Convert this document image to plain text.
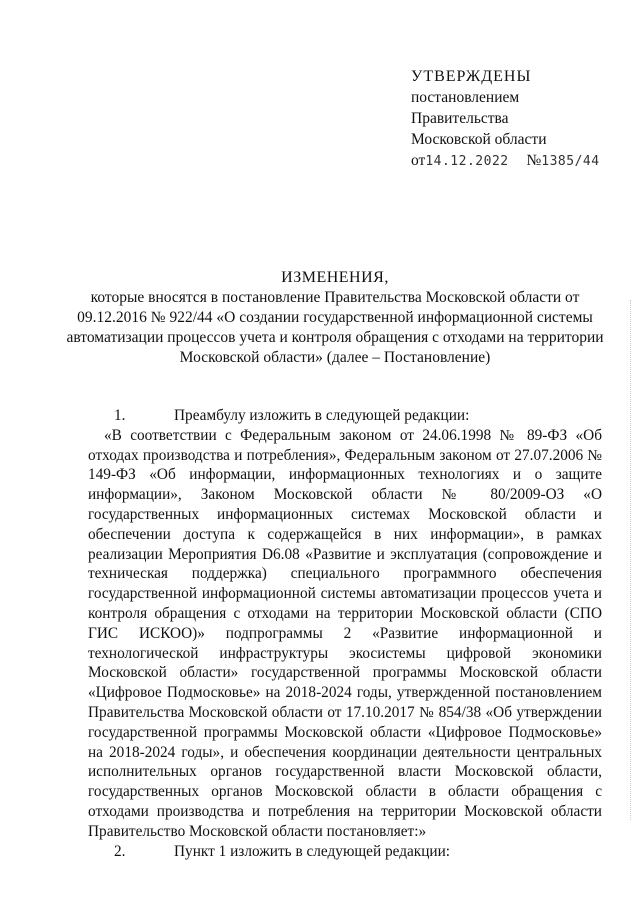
УТВЕРЖДЕНЫ
постановлением
Правительства
Московской области
от14.12.2022 №1385/44
ИЗМЕНЕНИЯ,
которые вносятся в постановление Правительства Московской области от 09.12.2016 № 922/44 «О создании государственной информационной системы автоматизации процессов учета и контроля обращения с отходами на территории Московской области» (далее – Постановление)
1.	Преамбулу изложить в следующей редакции:

«В соответствии с Федеральным законом от 24.06.1998 № 89-ФЗ «Об отходах производства и потребления», Федеральным законом от 27.07.2006 № 149-ФЗ «Об информации, информационных технологиях и о защите информации», Законом Московской области № 80/2009-ОЗ «О государственных информационных системах Московской области и обеспечении доступа к содержащейся в них информации», в рамках реализации Мероприятия D6.08 «Развитие и эксплуатация (сопровождение и техническая поддержка) специального программного обеспечения государственной информационной системы автоматизации процессов учета и контроля обращения с отходами на территории Московской области (СПО ГИС ИСКОО)» подпрограммы 2 «Развитие информационной и технологической инфраструктуры экосистемы цифровой экономики Московской области» государственной программы Московской области «Цифровое Подмосковье» на 2018-2024 годы, утвержденной постановлением Правительства Московской области от 17.10.2017 № 854/38 «Об утверждении государственной программы Московской области «Цифровое Подмосковье» на 2018-2024 годы», и обеспечения координации деятельности центральных исполнительных органов государственной власти Московской области, государственных органов Московской области в области обращения с отходами производства и потребления на территории Московской области Правительство Московской области постановляет:»

2.	Пункт 1 изложить в следующей редакции:
